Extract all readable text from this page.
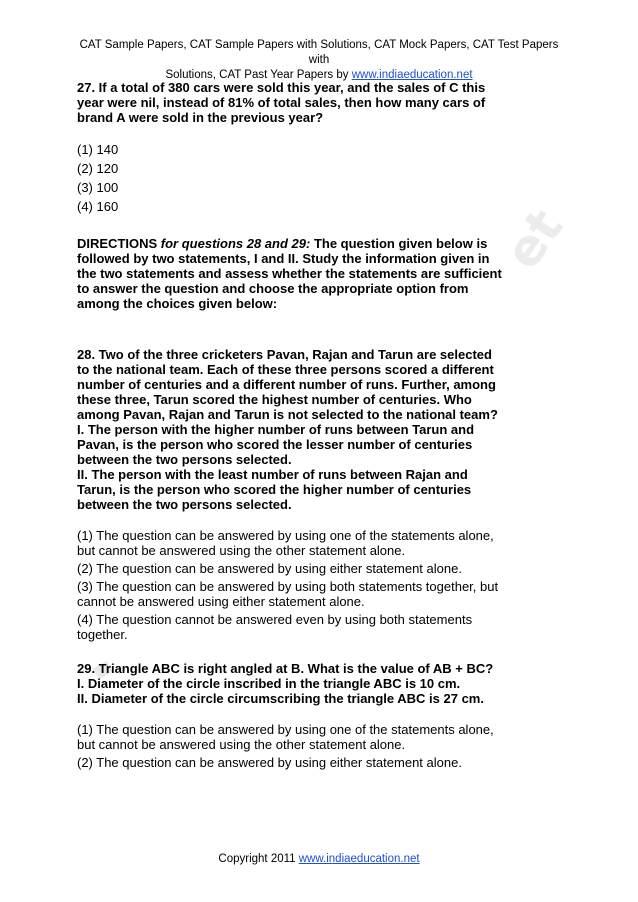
CAT Sample Papers, CAT Sample Papers with Solutions, CAT Mock Papers, CAT Test Papers with
Solutions, CAT Past Year Papers by www.indiaeducation.net
et

27. If a total of 380 cars were sold this year, and the sales of C this year were nil, instead of 81% of total sales, then how many cars of brand A were sold in the previous year?

(1) 140
(2) 120
(3) 100
(4) 160

DIRECTIONS for questions 28 and 29: The question given below is followed by two statements, I and II. Study the information given in the two statements and assess whether the statements are sufficient to answer the question and choose the appropriate option from among the choices given below:

28. Two of the three cricketers Pavan, Rajan and Tarun are selected to the national team. Each of these three persons scored a different number of centuries and a different number of runs. Further, among these three, Tarun scored the highest number of centuries. Who among Pavan, Rajan and Tarun is not selected to the national team?

I. The person with the higher number of runs between Tarun and Pavan, is the person who scored the lesser number of centuries between the two persons selected.

II. The person with the least number of runs between Rajan and Tarun, is the person who scored the higher number of centuries between the two persons selected.

(1) The question can be answered by using one of the statements alone, but cannot be answered using the other statement alone.
(2) The question can be answered by using either statement alone.
(3) The question can be answered by using both statements together, but cannot be answered using either statement alone.
(4) The question cannot be answered even by using both statements together.

29. Triangle ABC is right angled at B. What is the value of AB + BC?

I. Diameter of the circle inscribed in the triangle ABC is 10 cm.

II. Diameter of the circle circumscribing the triangle ABC is 27 cm.

(1) The question can be answered by using one of the statements alone, but cannot be answered using the other statement alone.
(2) The question can be answered by using either statement alone.
Copyright 2011 www.indiaeducation.net
